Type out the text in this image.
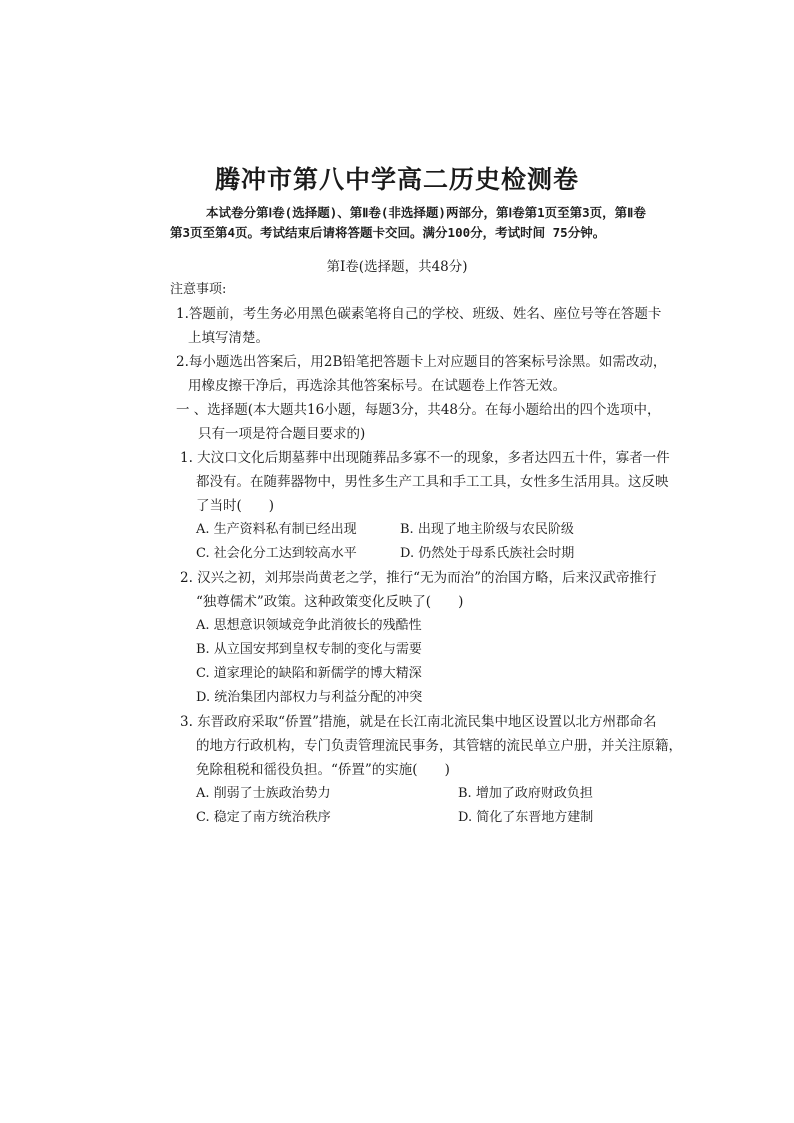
腾冲市第八中学高二历史检测卷
本试卷分第Ⅰ卷(选择题)、第Ⅱ卷(非选择题)两部分，第Ⅰ卷第1页至第3页，第Ⅱ卷第3页至第4页。考试结束后请将答题卡交回。满分100分，考试时间 75分钟。
第Ⅰ卷(选择题，共48分)
注意事项:
1.答题前，考生务必用黑色碳素笔将自己的学校、班级、姓名、座位号等在答题卡
上填写清楚。
2.每小题选出答案后，用2B铅笔把答题卡上对应题目的答案标号涂黑。如需改动，
用橡皮擦干净后，再选涂其他答案标号。在试题卷上作答无效。
一 、选择题(本大题共16小题，每题3分，共48分。在每小题给出的四个选项中，
只有一项是符合题目要求的)
1. 大汶口文化后期墓葬中出现随葬品多寡不一的现象，多者达四五十件，寡者一件
都没有。在随葬器物中，男性多生产工具和手工工具，女性多生活用具。这反映
了当时(　　)
A. 生产资料私有制已经出现	B. 出现了地主阶级与农民阶级
C. 社会化分工达到较高水平	D. 仍然处于母系氏族社会时期
2. 汉兴之初，刘邦崇尚黄老之学，推行“无为而治”的治国方略，后来汉武帝推行
“独尊儒术”政策。这种政策变化反映了(　　)
A. 思想意识领域竞争此消彼长的残酷性
B. 从立国安邦到皇权专制的变化与需要
C. 道家理论的缺陷和新儒学的博大精深
D. 统治集团内部权力与利益分配的冲突
3. 东晋政府采取“侨置”措施，就是在长江南北流民集中地区设置以北方州郡命名
的地方行政机构，专门负责管理流民事务，其管辖的流民单立户册，并关注原籍，
免除租税和徭役负担。“侨置”的实施(　　)
A. 削弱了士族政治势力	B. 增加了政府财政负担
C. 稳定了南方统治秩序	D. 简化了东晋地方建制
